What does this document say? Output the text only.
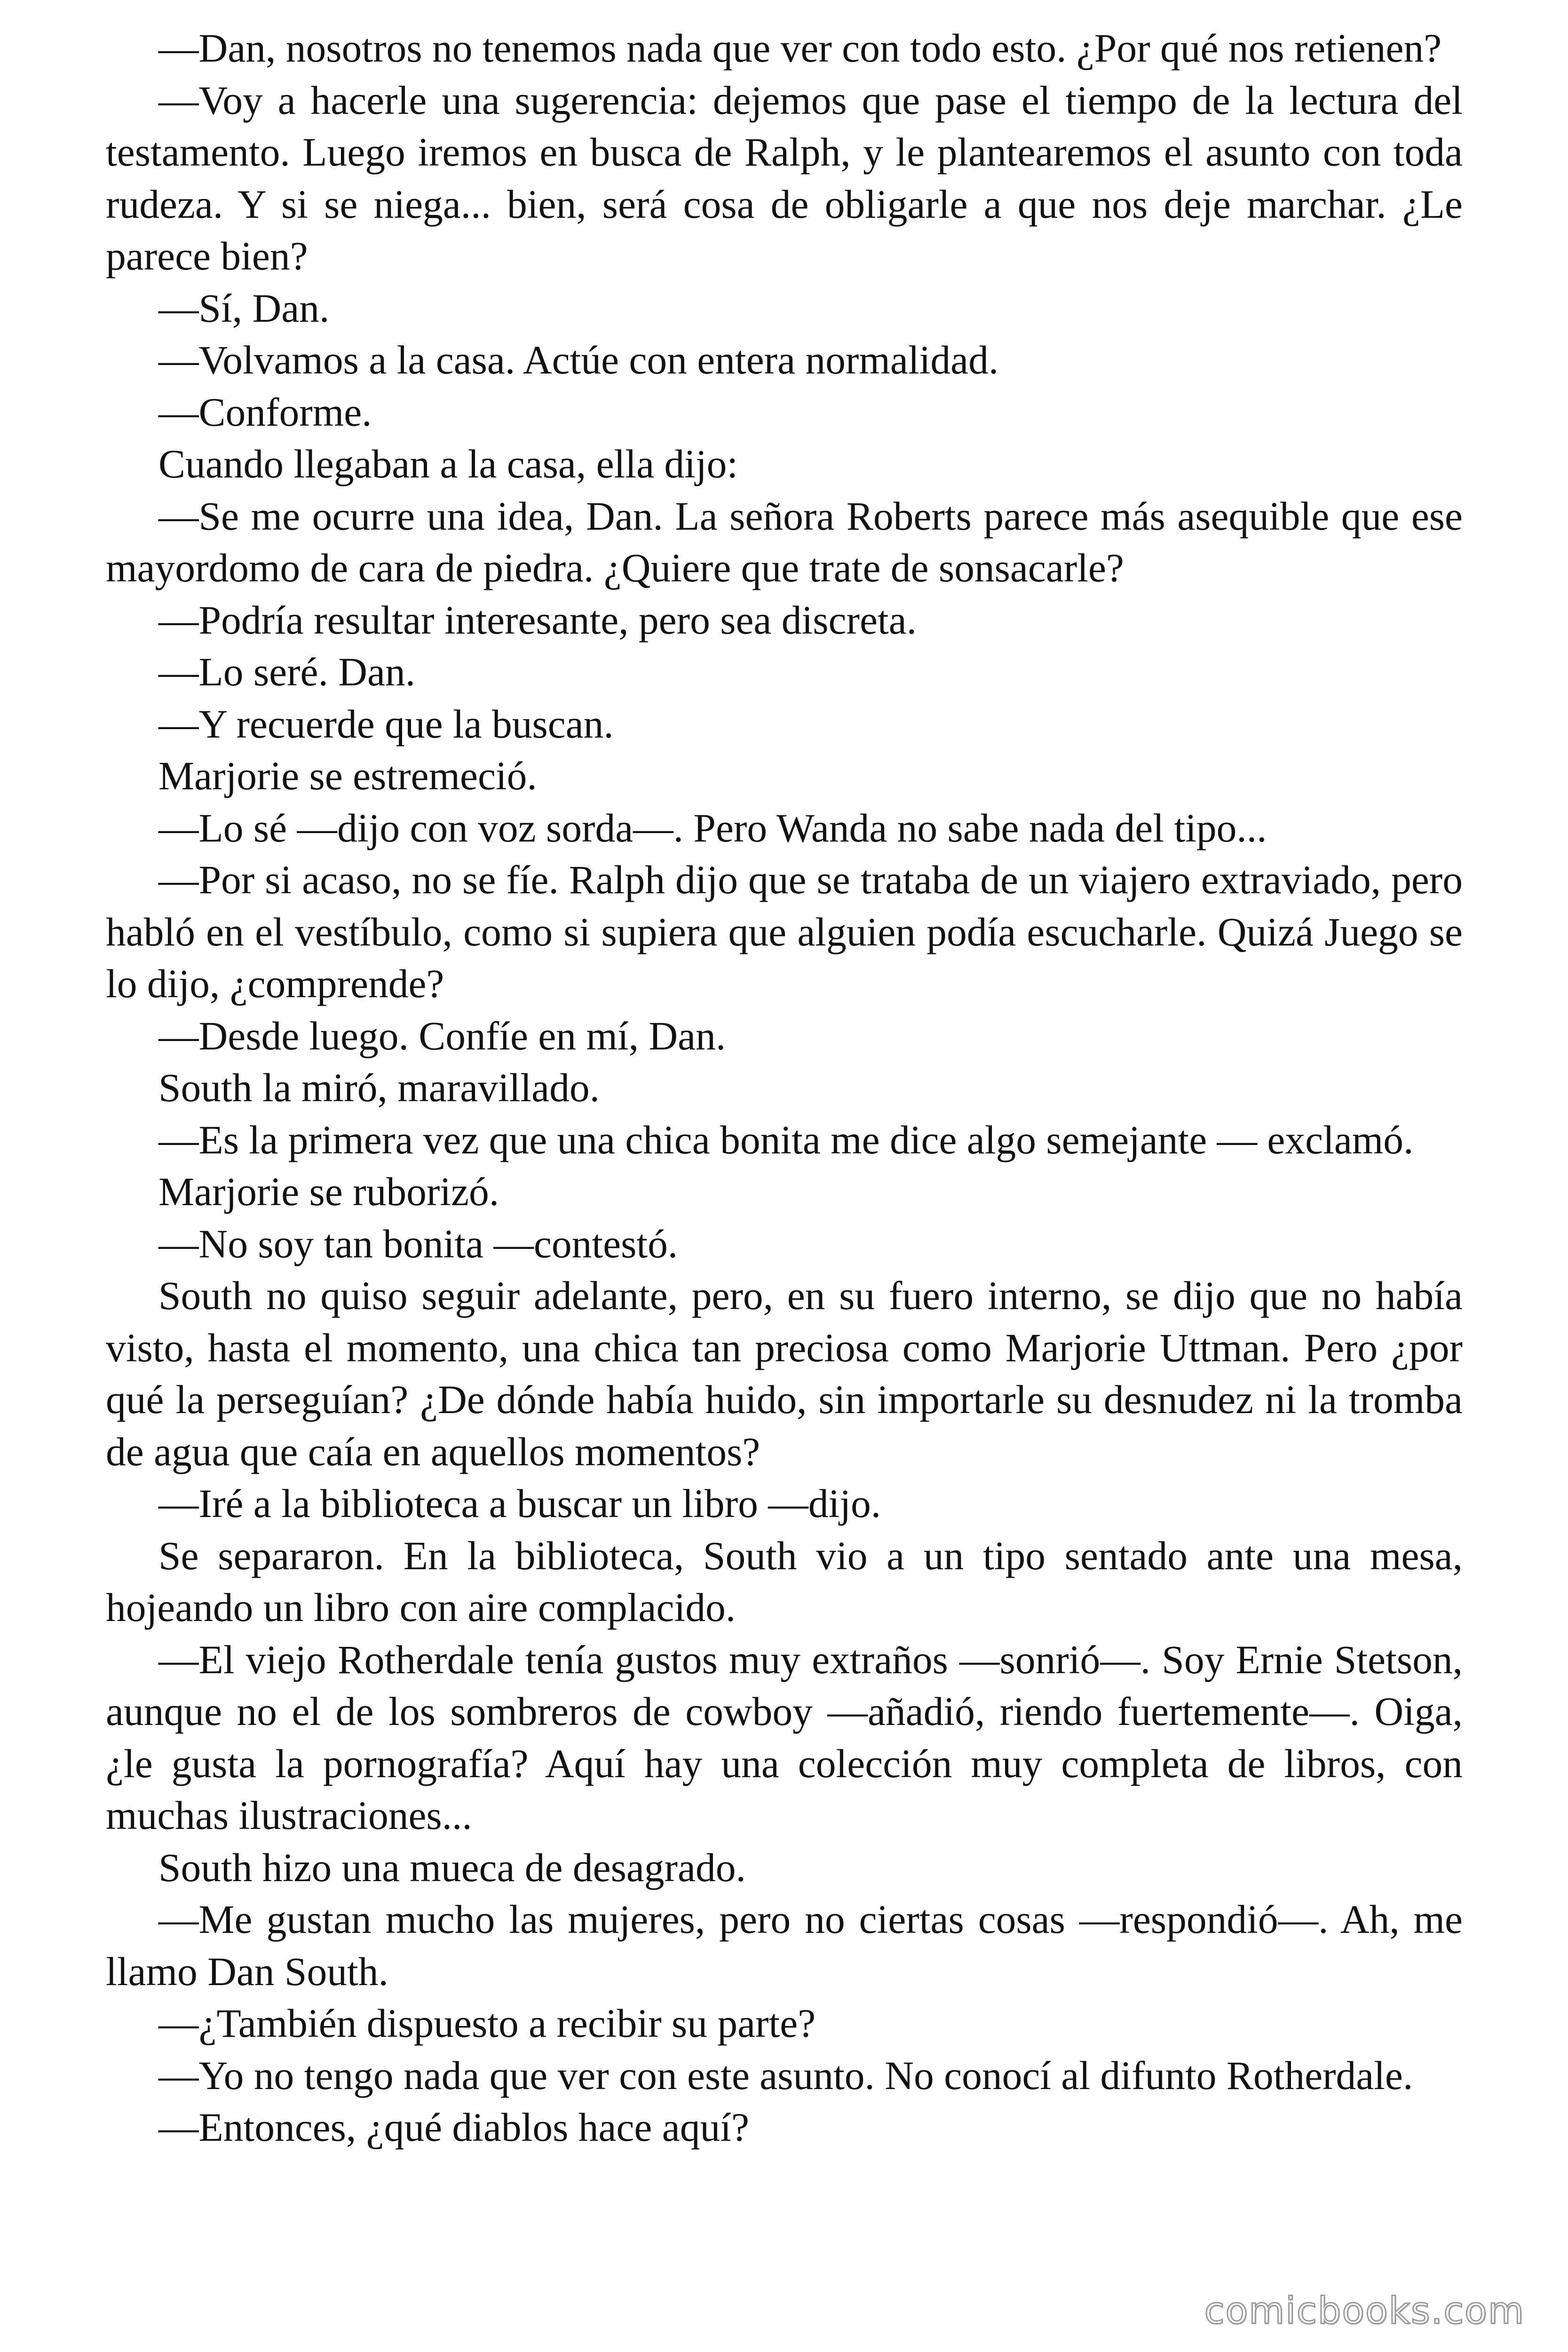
—Dan, nosotros no tenemos nada que ver con todo esto. ¿Por qué nos retienen?

—Voy a hacerle una sugerencia: dejemos que pase el tiempo de la lectura del testamento. Luego iremos en busca de Ralph, y le plantearemos el asunto con toda rudeza. Y si se niega... bien, será cosa de obligarle a que nos deje marchar. ¿Le parece bien?

—Sí, Dan.

—Volvamos a la casa. Actúe con entera normalidad.

—Conforme.

Cuando llegaban a la casa, ella dijo:

—Se me ocurre una idea, Dan. La señora Roberts parece más asequible que ese mayordomo de cara de piedra. ¿Quiere que trate de sonsacarle?

—Podría resultar interesante, pero sea discreta.

—Lo seré. Dan.

—Y recuerde que la buscan.

Marjorie se estremeció.

—Lo sé —dijo con voz sorda—. Pero Wanda no sabe nada del tipo...

—Por si acaso, no se fíe. Ralph dijo que se trataba de un viajero extraviado, pero habló en el vestíbulo, como si supiera que alguien podía escucharle. Quizá Juego se lo dijo, ¿comprende?

—Desde luego. Confíe en mí, Dan.

South la miró, maravillado.

—Es la primera vez que una chica bonita me dice algo semejante — exclamó.

Marjorie se ruborizó.

—No soy tan bonita —contestó.

South no quiso seguir adelante, pero, en su fuero interno, se dijo que no había visto, hasta el momento, una chica tan preciosa como Marjorie Uttman. Pero ¿por qué la perseguían? ¿De dónde había huido, sin importarle su desnudez ni la tromba de agua que caía en aquellos momentos?

—Iré a la biblioteca a buscar un libro —dijo.

Se separaron. En la biblioteca, South vio a un tipo sentado ante una mesa, hojeando un libro con aire complacido.

—El viejo Rotherdale tenía gustos muy extraños —sonrió—. Soy Ernie Stetson, aunque no el de los sombreros de cowboy —añadió, riendo fuertemente—. Oiga, ¿le gusta la pornografía? Aquí hay una colección muy completa de libros, con muchas ilustraciones...

South hizo una mueca de desagrado.

—Me gustan mucho las mujeres, pero no ciertas cosas —respondió—. Ah, me llamo Dan South.

—¿También dispuesto a recibir su parte?

—Yo no tengo nada que ver con este asunto. No conocí al difunto Rotherdale.

—Entonces, ¿qué diablos hace aquí?

comicbooks.com
